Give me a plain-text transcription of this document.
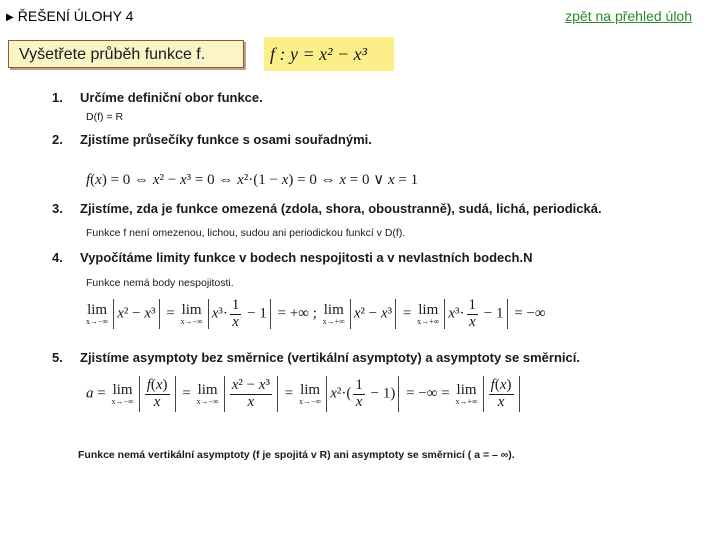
▶ ŘEŠENÍ ÚLOHY 4	zpět na přehled úloh
Vyšetřete průběh funkce f.	f : y = x² − x³
1. Určíme definiční obor funkce.
D(f) = R
2. Zjistíme průsečíky funkce s osami souřadnými.
f(x) = 0 ⇔ x² − x³ = 0 ⇔ x²·(1 − x) = 0 ⇔ x = 0 ∨ x = 1
3. Zjistíme, zda je funkce omezená (zdola, shora, oboustranně), sudá, lichá, periodická.
Funkce f není omezenou, lichou, sudou ani periodickou funkcí v D(f).
4. Vypočítáme limity funkce v bodech nespojitosti a v nevlastních bodech.N
Funkce nemá body nespojitosti.
lim
x→−∞ x² − x³ = lim
x→−∞ $x^3\cdot \frac{1}{x} - 1$ = +∞ ; lim
x→+∞ x² − x³ = lim
x→+∞ $x^3\cdot \frac{1}{x} - 1$ = −∞
5. Zjistíme asymptoty bez směrnice (vertikální asymptoty) a asymptoty se směrnicí.
a = lim
$x\to-\infty \frac{f(x)}{x} = \lim$
$x\to-\infty \frac{\text{x² − x³}}{x} = \lim$
x→−∞ $x^2\cdot( \frac{1}{x} - 1)$ = −∞ = lim
$x\to+\infty \frac{f(x)}{x}$
Funkce nemá vertikální asymptoty (f je spojitá v R) ani asymptoty se směrnicí ( a = – ∞).
